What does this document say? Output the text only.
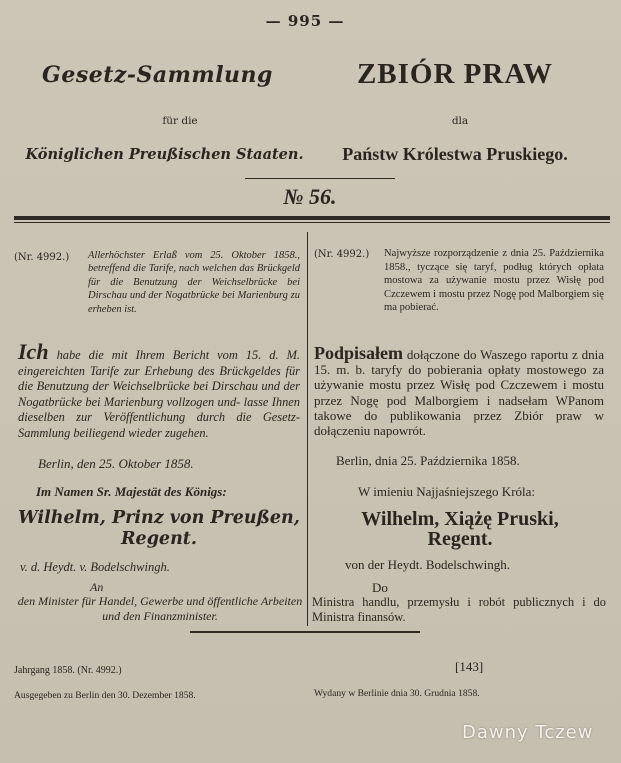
— 995 —
Gesetz-Sammlung	ZBIÓR PRAW
für die	dla
Königlichen Preußischen Staaten.	Państw Królestwa Pruskiego.
№ 56.
(Nr. 4992.)	Allerhöchster Erlaß vom 25. Oktober 1858., betreffend die Tarife, nach welchen das Brückgeld für die Benutzung der Weichselbrücke bei Dirschau und der Nogatbrücke bei Marienburg zu erheben ist.
Ich habe die mit Ihrem Bericht vom 15. d. M. eingereichten Tarife zur Erhebung des Brückgeldes für die Benutzung der Weichselbrücke bei Dirschau und der Nogatbrücke bei Marienburg vollzogen und- lasse Ihnen dieselben zur Veröffentlichung durch die Gesetz-Sammlung beiliegend wieder zugehen.
Berlin, den 25. Oktober 1858.
Im Namen Sr. Majestät des Königs:
Wilhelm, Prinz von Preußen,
Regent.
v. d. Heydt. v. Bodelschwingh.
An
den Minister für Handel, Gewerbe und öffentliche Arbeiten und den Finanzminister.
(Nr. 4992.)	Najwyższe rozporządzenie z dnia 25. Października 1858., tyczące się taryf, podług których opłata mostowa za używanie mostu przez Wisłę pod Czczewem i mostu przez Nogę pod Malborgiem się ma pobierać.
Podpisałem dołączone do Waszego raportu z dnia 15. m. b. taryfy do pobierania opłaty mostowego za używanie mostu przez Wisłę pod Czczewem i mostu przez Nogę pod Malborgiem i nadsełam WPanom takowe do publikowania przez Zbiór praw w dołączeniu napowrót.
Berlin, dnia 25. Października 1858.
W imieniu Najjaśniejszego Króla:
Wilhelm, Xiążę Pruski,
Regent.
von der Heydt. Bodelschwingh.
Do
Ministra handlu, przemysłu i robót publicznych i do Ministra finansów.
Jahrgang 1858. (Nr. 4992.)	[143]
Ausgegeben zu Berlin den 30. Dezember 1858.	Wydany w Berlinie dnia 30. Grudnia 1858.
Dawny Tczew
